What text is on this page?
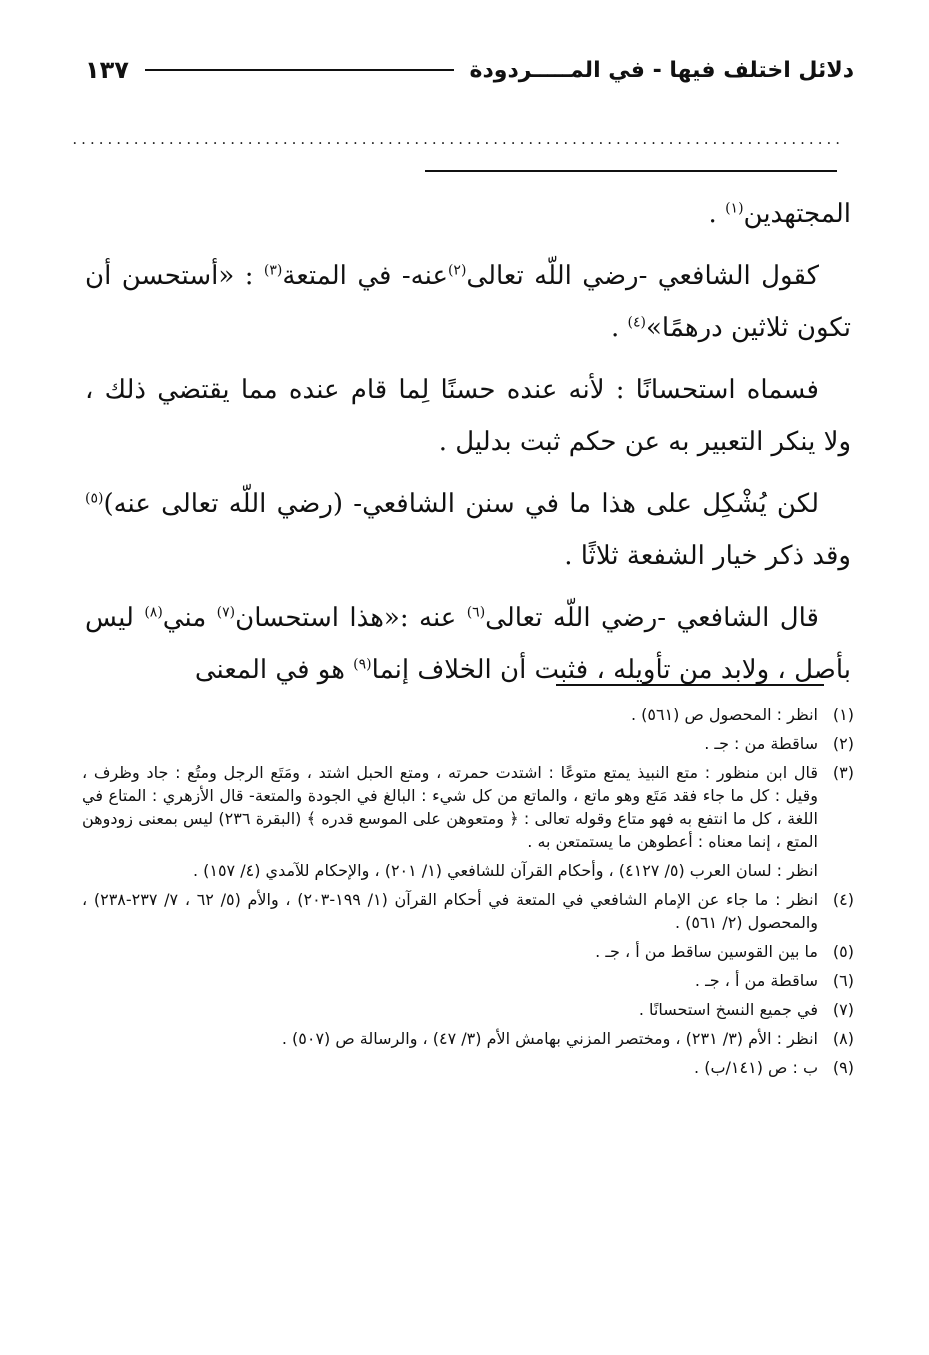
دلائل اختلف فيها - في المـــــردودة
١٣٧
........................................................................................

المجتهدين$^{(١)}$ .

كقول الشافعي -رضي اللّه تعالى$^{(٢)}$عنه- في المتعة$^{(٣)}$ : «أستحسن أن تكون ثلاثين درهمًا»$^{(٤)}$ .

فسماه استحسانًا : لأنه عنده حسنًا لِما قام عنده مما يقتضي ذلك ، ولا ينكر التعبير به عن حكم ثبت بدليل .

لكن يُشْكِل على هذا ما في سنن الشافعي- (رضي اللّه تعالى عنه)$^{(٥)}$ وقد ذكر خيار الشفعة ثلاثًا .

قال الشافعي -رضي اللّه تعالى$^{(٦)}$ عنه :«هذا استحسان$^{(٧)}$ مني$^{(٨)}$ ليس بأصل ، ولابد من تأويله ، فثبت أن الخلاف إنما$^{(٩)}$ هو في المعنى

(١)
انظر : المحصول ص (٥٦١) .
(٢)
ساقطة من : جـ .
(٣)
قال ابن منظور : متع النبيذ يمتع متوعًا : اشتدت حمرته ، ومتع الحبل اشتد ، ومَتَع الرجل ومتُع : جاد وظرف ، وقيل : كل ما جاء فقد مَتَع وهو ماتع ، والماتع من كل شيء : البالغ في الجودة والمتعة- قال الأزهري : المتاع في اللغة ، كل ما انتفع به فهو متاع وقوله تعالى : ﴿ ومتعوهن على الموسع قدره ﴾ (البقرة ٢٣٦) ليس بمعنى زودوهن المتع ، إنما معناه : أعطوهن ما يستمتعن به .
انظر : لسان العرب (٥/ ٤١٢٧) ، وأحكام القرآن للشافعي (١/ ٢٠١) ، والإحكام للآمدي (٤/ ١٥٧) .
(٤)
انظر : ما جاء عن الإمام الشافعي في المتعة في أحكام القرآن (١/ ١٩٩-٢٠٣) ، والأم (٥/ ٦٢ ، ٧/ ٢٣٧-٢٣٨) ، والمحصول (٢/ ٥٦١) .
(٥)
ما بين القوسين ساقط من أ ، جـ .
(٦)
ساقطة من أ ، جـ .
(٧)
في جميع النسخ استحسانًا .
(٨)
انظر : الأم (٣/ ٢٣١) ، ومختصر المزني بهامش الأم (٣/ ٤٧) ، والرسالة ص (٥٠٧) .
(٩)
ب : ص (١٤١/ب) .
